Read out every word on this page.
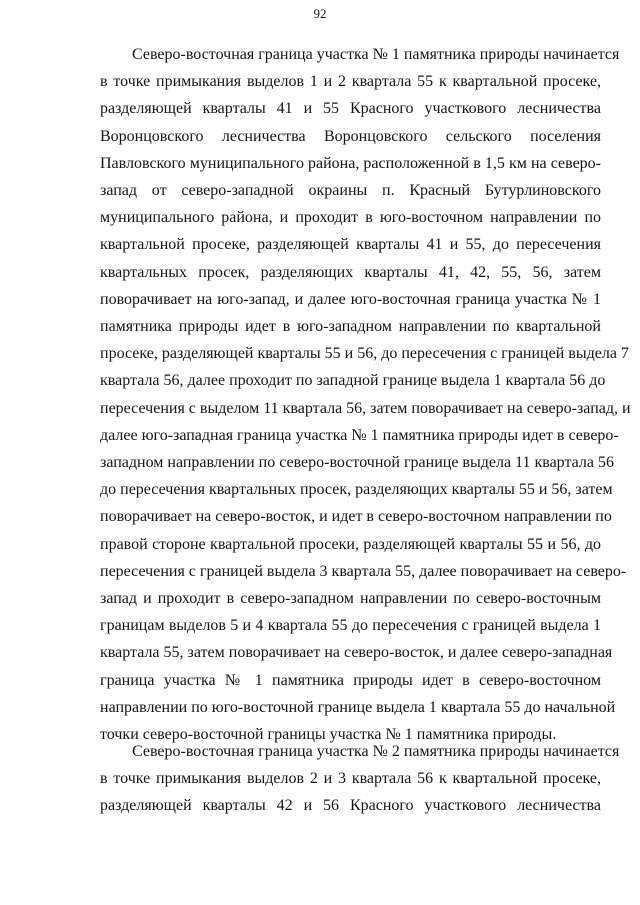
92
Северо-восточная граница участка № 1 памятника природы начинается
в точке примыкания выделов 1 и 2 квартала 55 к квартальной просеке,
разделяющей кварталы 41 и 55 Красного участкового лесничества
Воронцовского лесничества Воронцовского сельского поселения
Павловского муниципального района, расположенной в 1,5 км на северо-
запад от северо-западной окраины п. Красный Бутурлиновского
муниципального района, и проходит в юго-восточном направлении по
квартальной просеке, разделяющей кварталы 41 и 55, до пересечения
квартальных просек, разделяющих кварталы 41, 42, 55, 56, затем
поворачивает на юго-запад, и далее юго-восточная граница участка № 1
памятника природы идет в юго-западном направлении по квартальной
просеке, разделяющей кварталы 55 и 56, до пересечения с границей выдела 7
квартала 56, далее проходит по западной границе выдела 1 квартала 56 до
пересечения с выделом 11 квартала 56, затем поворачивает на северо-запад, и
далее юго-западная граница участка № 1 памятника природы идет в северо-
западном направлении по северо-восточной границе выдела 11 квартала 56
до пересечения квартальных просек, разделяющих кварталы 55 и 56, затем
поворачивает на северо-восток, и идет в северо-восточном направлении по
правой стороне квартальной просеки, разделяющей кварталы 55 и 56, до
пересечения с границей выдела 3 квартала 55, далее поворачивает на северо-
запад и проходит в северо-западном направлении по северо-восточным
границам выделов 5 и 4 квартала 55 до пересечения с границей выдела 1
квартала 55, затем поворачивает на северо-восток, и далее северо-западная
граница участка № 1 памятника природы идет в северо-восточном
направлении по юго-восточной границе выдела 1 квартала 55 до начальной
точки северо-восточной границы участка № 1 памятника природы.
Северо-восточная граница участка № 2 памятника природы начинается
в точке примыкания выделов 2 и 3 квартала 56 к квартальной просеке,
разделяющей кварталы 42 и 56 Красного участкового лесничества
